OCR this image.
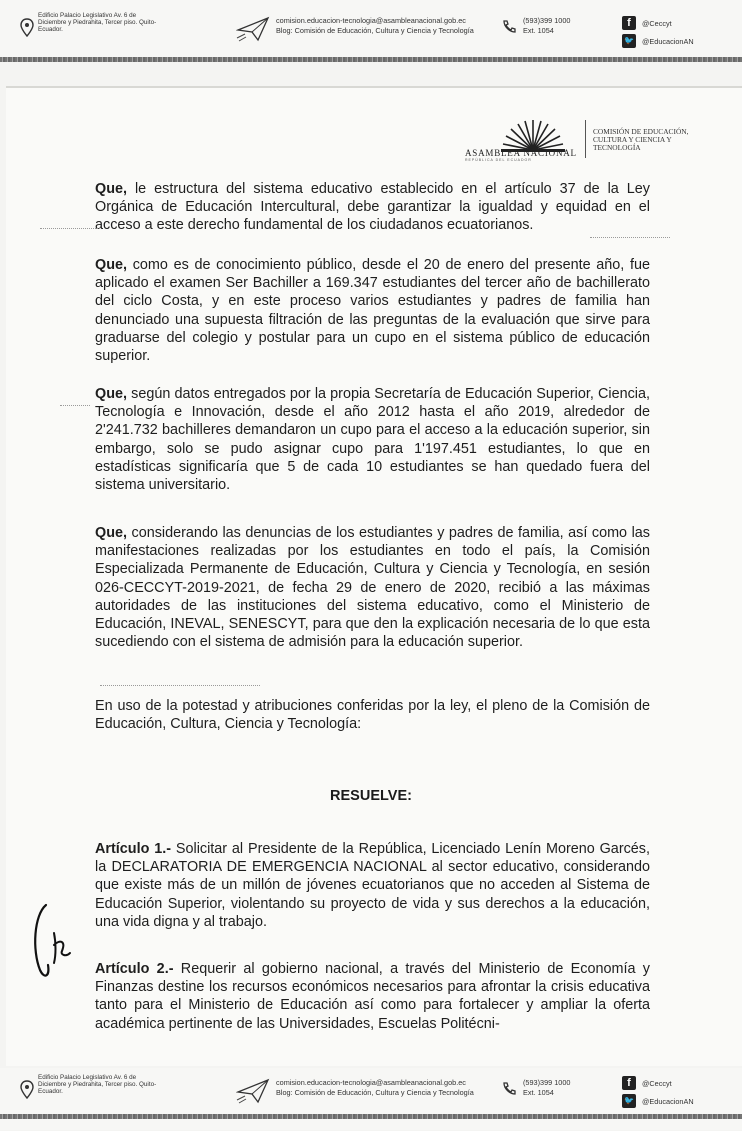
Edificio Palacio Legislativo Av. 6 de Diciembre y Piedrahita, Tercer piso. Quito-Ecuador.
comision.educacion-tecnologia@asambleanacional.gob.ec
Blog: Comisión de Educación, Cultura y Ciencia y Tecnología
(593)399 1000
Ext. 1054
f	@Ceccyt
🐦 @EducacionAN
ASAMBLEA NACIONAL
REPÚBLICA DEL ECUADOR
COMISIÓN DE EDUCACIÓN, CULTURA Y CIENCIA Y TECNOLOGÍA
Que, le estructura del sistema educativo establecido en el artículo 37 de la Ley Orgánica de Educación Intercultural, debe garantizar la igualdad y equidad en el acceso a este derecho fundamental de los ciudadanos ecuatorianos.
Que, como es de conocimiento público, desde el 20 de enero del presente año, fue aplicado el examen Ser Bachiller a 169.347 estudiantes del tercer año de bachillerato del ciclo Costa, y en este proceso varios estudiantes y padres de familia han denunciado una supuesta filtración de las preguntas de la evaluación que sirve para graduarse del colegio y postular para un cupo en el sistema público de educación superior.
Que, según datos entregados por la propia Secretaría de Educación Superior, Ciencia, Tecnología e Innovación, desde el año 2012 hasta el año 2019, alrededor de 2'241.732 bachilleres demandaron un cupo para el acceso a la educación superior, sin embargo, solo se pudo asignar cupo para 1'197.451 estudiantes, lo que en estadísticas significaría que 5 de cada 10 estudiantes se han quedado fuera del sistema universitario.
Que, considerando las denuncias de los estudiantes y padres de familia, así como las manifestaciones realizadas por los estudiantes en todo el país, la Comisión Especializada Permanente de Educación, Cultura y Ciencia y Tecnología, en sesión 026-CECCYT-2019-2021, de fecha 29 de enero de 2020, recibió a las máximas autoridades de las instituciones del sistema educativo, como el Ministerio de Educación, INEVAL, SENESCYT, para que den la explicación necesaria de lo que esta sucediendo con el sistema de admisión para la educación superior.
En uso de la potestad y atribuciones conferidas por la ley, el pleno de la Comisión de Educación, Cultura, Ciencia y Tecnología:
RESUELVE:
Artículo 1.- Solicitar al Presidente de la República, Licenciado Lenín Moreno Garcés, la DECLARATORIA DE EMERGENCIA NACIONAL al sector educativo, considerando que existe más de un millón de jóvenes ecuatorianos que no acceden al Sistema de Educación Superior, violentando su proyecto de vida y sus derechos a la educación, una vida digna y al trabajo.
Artículo 2.- Requerir al gobierno nacional, a través del Ministerio de Economía y Finanzas destine los recursos económicos necesarios para afrontar la crisis educativa tanto para el Ministerio de Educación así como para fortalecer y ampliar la oferta académica pertinente de las Universidades, Escuelas Politécni-
Edificio Palacio Legislativo Av. 6 de Diciembre y Piedrahita, Tercer piso. Quito-Ecuador.
comision.educacion-tecnologia@asambleanacional.gob.ec
Blog: Comisión de Educación, Cultura y Ciencia y Tecnología
(593)399 1000
Ext. 1054
f	@Ceccyt
🐦 @EducacionAN
